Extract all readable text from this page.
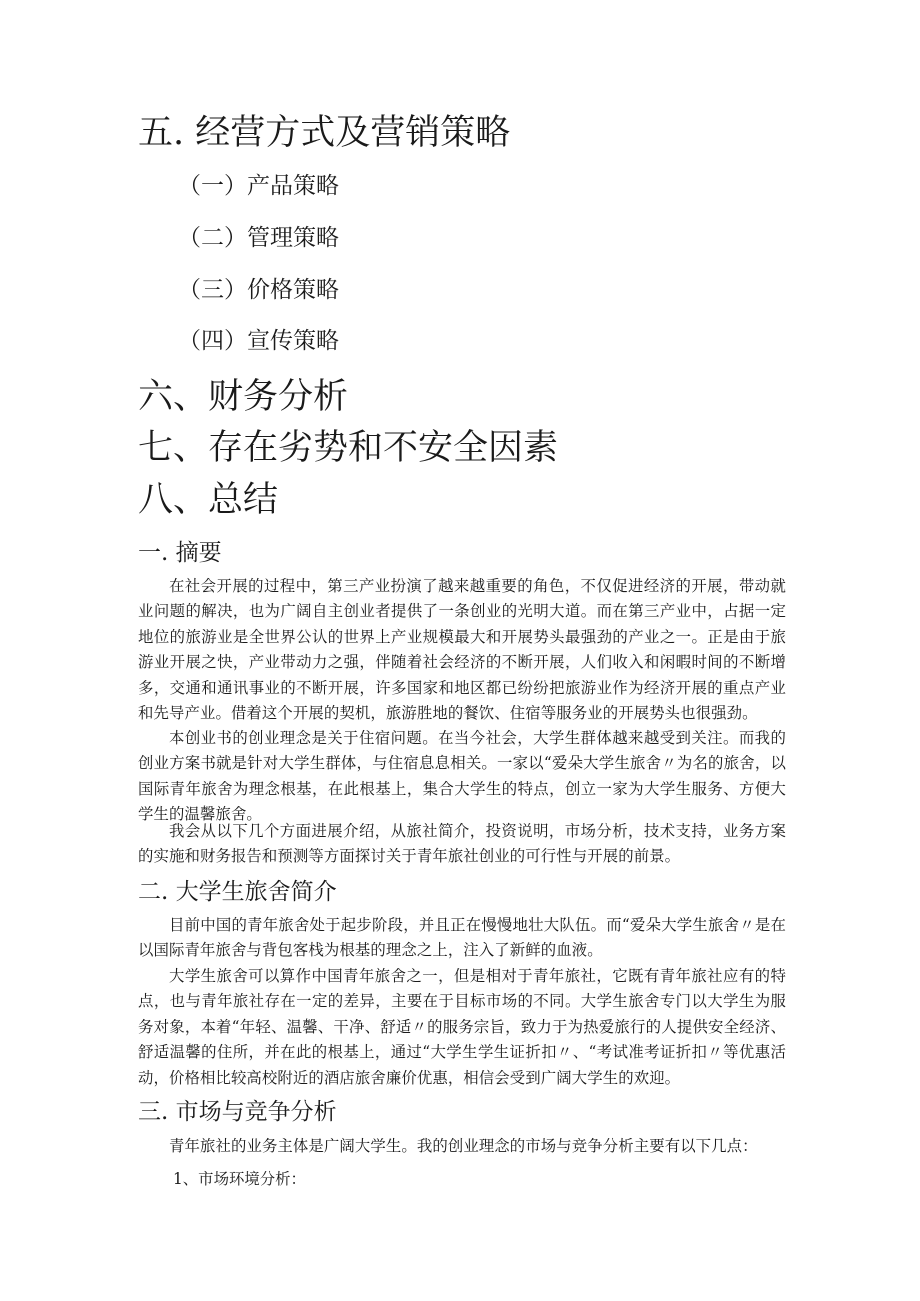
五. 经营方式及营销策略
（一）产品策略
（二）管理策略
（三）价格策略
（四）宣传策略
六、财务分析
七、存在劣势和不安全因素
八、总结
一. 摘要

在社会开展的过程中，第三产业扮演了越来越重要的角色，不仅促进经济的开展，带动就业问题的解决，也为广阔自主创业者提供了一条创业的光明大道。而在第三产业中，占据一定地位的旅游业是全世界公认的世界上产业规模最大和开展势头最强劲的产业之一。正是由于旅游业开展之快，产业带动力之强，伴随着社会经济的不断开展，人们收入和闲暇时间的不断增多，交通和通讯事业的不断开展，许多国家和地区都已纷纷把旅游业作为经济开展的重点产业和先导产业。借着这个开展的契机，旅游胜地的餐饮、住宿等服务业的开展势头也很强劲。

本创业书的创业理念是关于住宿问题。在当今社会，大学生群体越来越受到关注。而我的创业方案书就是针对大学生群体，与住宿息息相关。一家以“爱朵大学生旅舍〃为名的旅舍，以国际青年旅舍为理念根基，在此根基上，集合大学生的特点，创立一家为大学生服务、方便大学生的温馨旅舍。

我会从以下几个方面进展介绍，从旅社简介，投资说明，市场分析，技术支持，业务方案的实施和财务报告和预测等方面探讨关于青年旅社创业的可行性与开展的前景。

二. 大学生旅舍简介

目前中国的青年旅舍处于起步阶段，并且正在慢慢地壮大队伍。而“爱朵大学生旅舍〃是在以国际青年旅舍与背包客栈为根基的理念之上，注入了新鲜的血液。

大学生旅舍可以算作中国青年旅舍之一，但是相对于青年旅社，它既有青年旅社应有的特点，也与青年旅社存在一定的差异，主要在于目标市场的不同。大学生旅舍专门以大学生为服务对象，本着“年轻、温馨、干净、舒适〃的服务宗旨，致力于为热爱旅行的人提供安全经济、舒适温馨的住所，并在此的根基上，通过“大学生学生证折扣〃、“考试准考证折扣〃等优惠活动，价格相比较高校附近的酒店旅舍廉价优惠，相信会受到广阔大学生的欢迎。

三. 市场与竞争分析

青年旅社的业务主体是广阔大学生。我的创业理念的市场与竞争分析主要有以下几点：

1、市场环境分析：
